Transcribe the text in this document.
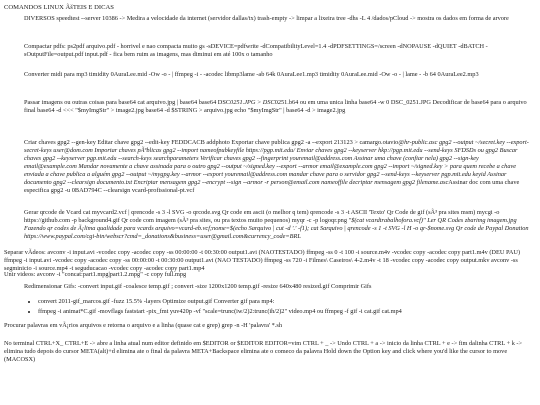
COMANDOS LINUX ÃšTEIS E DICAS
DIVERSOS speedtest --server 10386 -> Medira a velocidade da internet (servidor dallas/tx) trash-empty -> limpar a lixeira tree -dhs -L 4 /dados/pCloud -> mostra os dados em forma de arvore
Compactar pdfs: ps2pdf arquivo.pdf - horrivel e nao compacta muito gs -sDEVICE=pdfwrite -dCompatibilityLevel=1.4 -dPDFSETTINGS=/screen -dNOPAUSE -dQUIET -dBATCH -sOutputFile=output.pdf input.pdf - fica bem ruim as imagens, mas diminui em até 100x o tamanho
Converter midi para mp3 timidity 0AuraLee.mid -Ow -o - | ffmpeg -i - -acodec libmp3lame -ab 64k 0AuraLee1.mp3 timidity 0AuraLee.mid -Ow -o - | lame - -b 64 0AuraLee2.mp3
Passar imagens ou outras coisas para base64 cat arquivo.jpg | base64 base64 DSC0251.JPG > DSC0251.b64 ou em uma unica linha base64 -w 0 DSC_0251.JPG Decodificar de base64 para o arquivo final base64 -d <<< "$myImgStr" > image2.jpg base64 -d $STRING > arquivo.jpg echo "$myImgStr" | base64 -d > image2.jpg
Criar chaves gpg2 --gen-key Editar chave gpg2 --edit-key FEDDCACB addphoto Exportar chave publica gpg2 -a --export 213123 > camargo.otavio@hr-public.asc gpg2 --output ~/secret.key --export-secret-keys user@dom.com Importar chaves pÃºblicas gpg2 --import nameofpubkeyfile https://pgp.mit.edu/ Enviar chaves gpg2 --keyserver hkp://pgp.mit.edu --send-keys SFDSDs ou gpg2 Buscar chaves gpg2 --keyserver pgp.mit.edu --search-keys searchparameters Verificar chaves gpg2 --fingerprint youremail@address.com Assinar uma chave (confiar nela) gpg2 --sign-key email@example.com Mandar novamente a chave assinada para o outro gpg2 --output ~/signed.key --export --armor email@example.com gpg2 --import ~/signed.key > para quem recebe a chave enviada a chave publica a alguém gpg2 --output ~/mygpg.key --armor --export youremail@address.com mandar chave para o servidor gpg2 --send-keys --keyserver pgp.mit.edu keyid Assinar documento gpg2 --clearsign documento.txt Encriptar mensagem gpg2 --encrypt --sign --armor -r person@email.com nameoffile decriptar mensagem gpg2 filename.ascAssinar doc com uma chave especifica gpg2 -u 0BAD794C --clearsign vcard-profissional-pt.vcf
Gerar qrcode de Vcard cat myvcard2.vcf | qrencode -s 3 -l SVG -o qrcode.svg Qr code em ascii (o melhor q tem) qrencode -s 3 -t ASCII 'Texto' Qr Code de gif (sÃ³ pra sites msm) mycgi -o https://github.com -p background4.gif Qr code com imagem (sÃ³ pra sites, ou pra textos muito pequenos) myqr -c -p logoqr.png "$(cat vcardtrabalhofora.vcf)" Ler QR Codes zbarimg imagem.jpg Fazendo qr codes de Ã¡lima qualidade para vcards arquivo=vcard-eb.vcf;nome=$(echo Sarquivo | cut -d '.' -f1); cat Sarquivo | qrencode -s 1 -t SVG -l H -o qr-$nome.svg Qr code de Paypal Donation https://www.paypal.com/cgi-bin/webscr?cmd=_donations&business=user@gmail.com&currency_code=BRL
Separar vÃdeos: avconv -i input.avi -vcodec copy -acodec copy -ss 00:00:00 -t 00:30:00 output1.avi (NAOTESTADO) ffmpeg -ss 0 -t 100 -i source.m4v -vcodec copy -acodec copy part1.m4v (DEU PAU) ffmpeg -i input.avi -vcodec copy -acodec copy -ss 00:00:00 -t 00:30:00 output1.avi (NAO TESTADO) ffmpeg -ss 720 -i Filmes\ Caseiros\ 4-2.m4v -t 18 -vcodec copy -acodec copy output.mkv avconv -ss segminicio -i source.mp4 -t seguducacao -vcodec copy -acodec copy part1.mp4
Unir videos: avconv -i "concat:part1.mpg|part1.2.mpg" -c copy full.mpg
Redimensionar Gifs: -convert input.gif -coalesce temp.gif ; convert -size 1200x1200 temp.gif -resize 640x480 resized.gif Comprimir Gifs
• convert 2011-gif_marcos.gif -fuzz 15.5% -layers Optimize output.gif Converter gif para mp4:
• ffmpeg -i animat*C.gif -movflags faststart -pix_fmt yuv420p -vf "scale=trunc(iw/2)2:trunc(ih/2)2" video.mp4 ou ffmpeg -f gif -i cat.gif cat.mp4
Procurar palavras em vÃ¡rios arquivos e retorna o arquivo e a linha (quase cat e grep) grep -n -H 'palavra' *.sh
No terminal CTRL+X_ CTRL+E -> abre a linha atual num editor definido em $EDITOR or $EDITOR EDITOR=vim CTRL + _ -> Undo CTRL + a -> inicio da linha CTRL + e -> fim dalinha CTRL + k -> elimina tudo depois do cursor META(alt)+d elimina ate o final da palavra META+Backspace elimina ate o comeco da palavra Hold down the Option key and click where you'd like the cursor to move (MACOSX)
